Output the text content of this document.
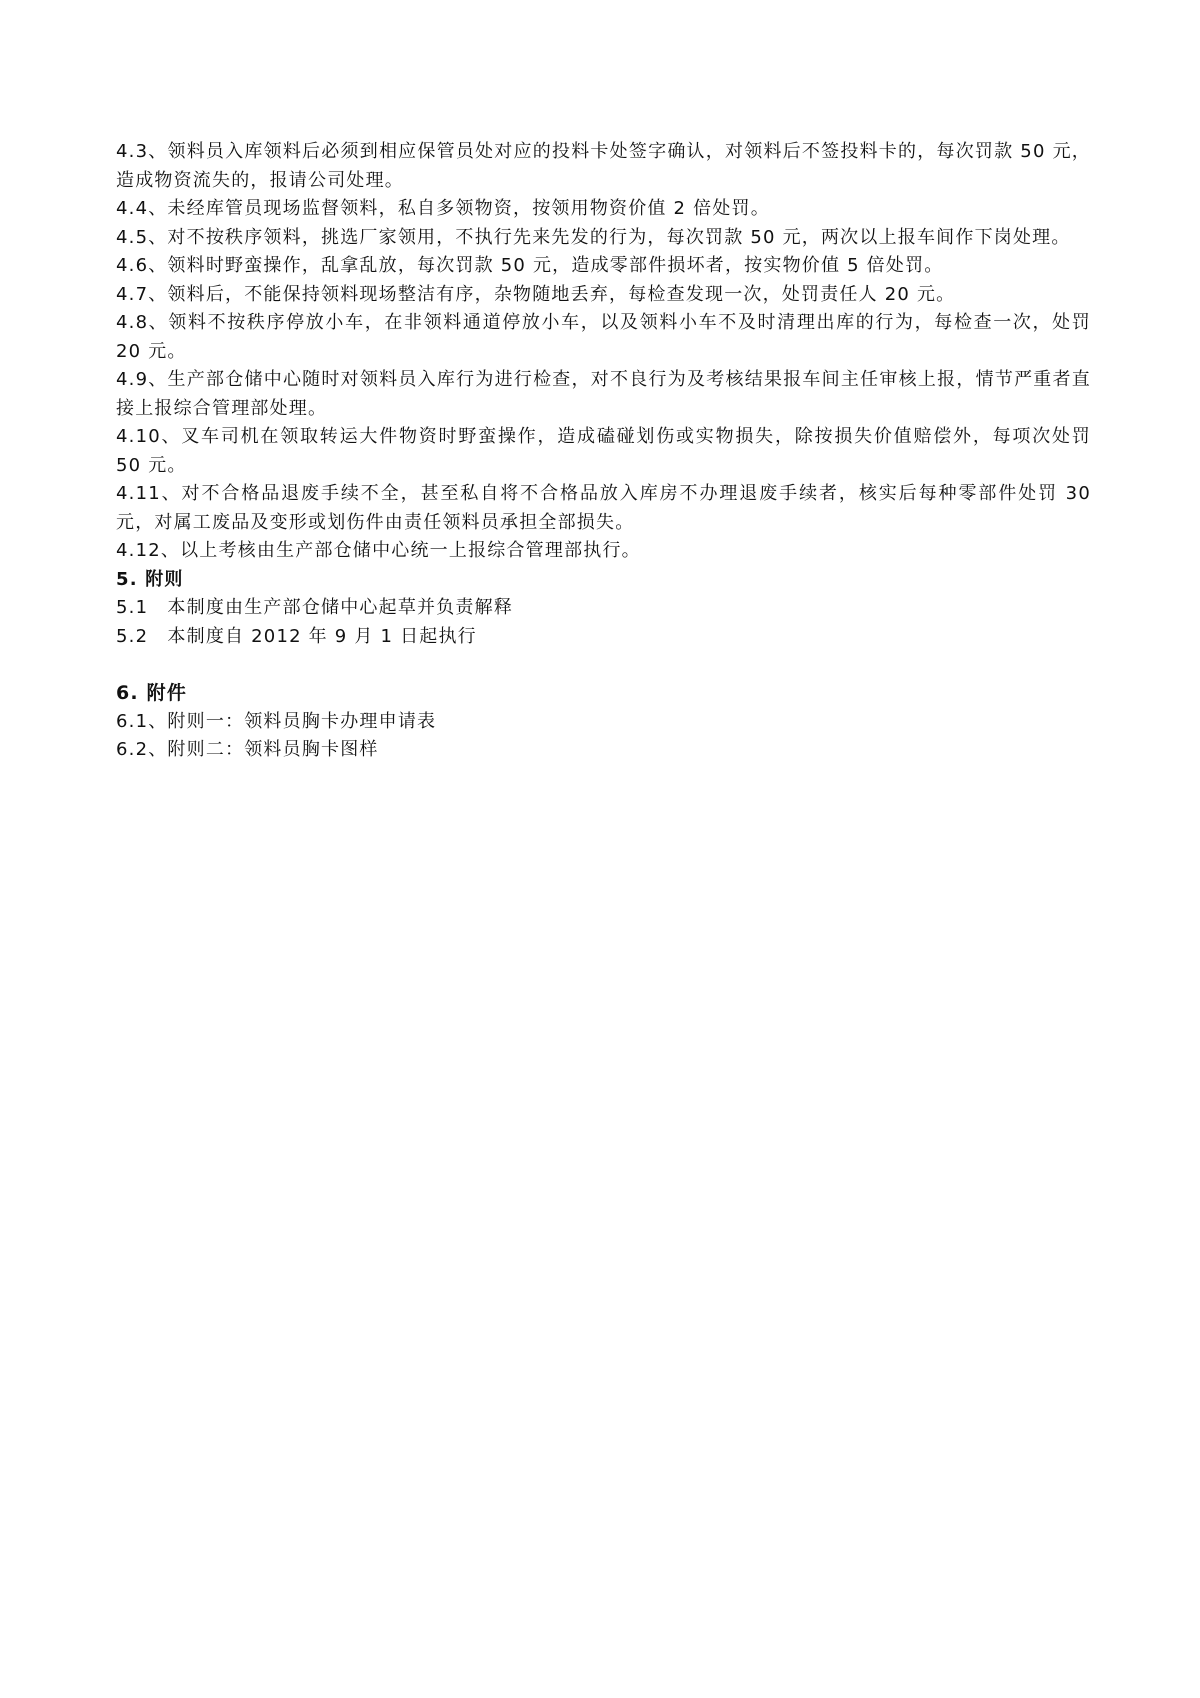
4.3、领料员入库领料后必须到相应保管员处对应的投料卡处签字确认，对领料后不签投料卡的，每次罚款 50 元，造成物资流失的，报请公司处理。

4.4、未经库管员现场监督领料，私自多领物资，按领用物资价值 2 倍处罚。

4.5、对不按秩序领料，挑选厂家领用，不执行先来先发的行为，每次罚款 50 元，两次以上报车间作下岗处理。

4.6、领料时野蛮操作，乱拿乱放，每次罚款 50 元，造成零部件损坏者，按实物价值 5 倍处罚。

4.7、领料后，不能保持领料现场整洁有序，杂物随地丢弃，每检查发现一次，处罚责任人 20 元。

4.8、领料不按秩序停放小车，在非领料通道停放小车，以及领料小车不及时清理出库的行为，每检查一次，处罚 20 元。

4.9、生产部仓储中心随时对领料员入库行为进行检查，对不良行为及考核结果报车间主任审核上报，情节严重者直接上报综合管理部处理。

4.10、叉车司机在领取转运大件物资时野蛮操作，造成磕碰划伤或实物损失，除按损失价值赔偿外，每项次处罚 50 元。

4.11、对不合格品退废手续不全，甚至私自将不合格品放入库房不办理退废手续者，核实后每种零部件处罚 30 元，对属工废品及变形或划伤件由责任领料员承担全部损失。

4.12、以上考核由生产部仓储中心统一上报综合管理部执行。

5. 附则

5.1　本制度由生产部仓储中心起草并负责解释

5.2　本制度自 2012 年 9 月 1 日起执行

6. 附件

6.1、附则一：领料员胸卡办理申请表

6.2、附则二：领料员胸卡图样
